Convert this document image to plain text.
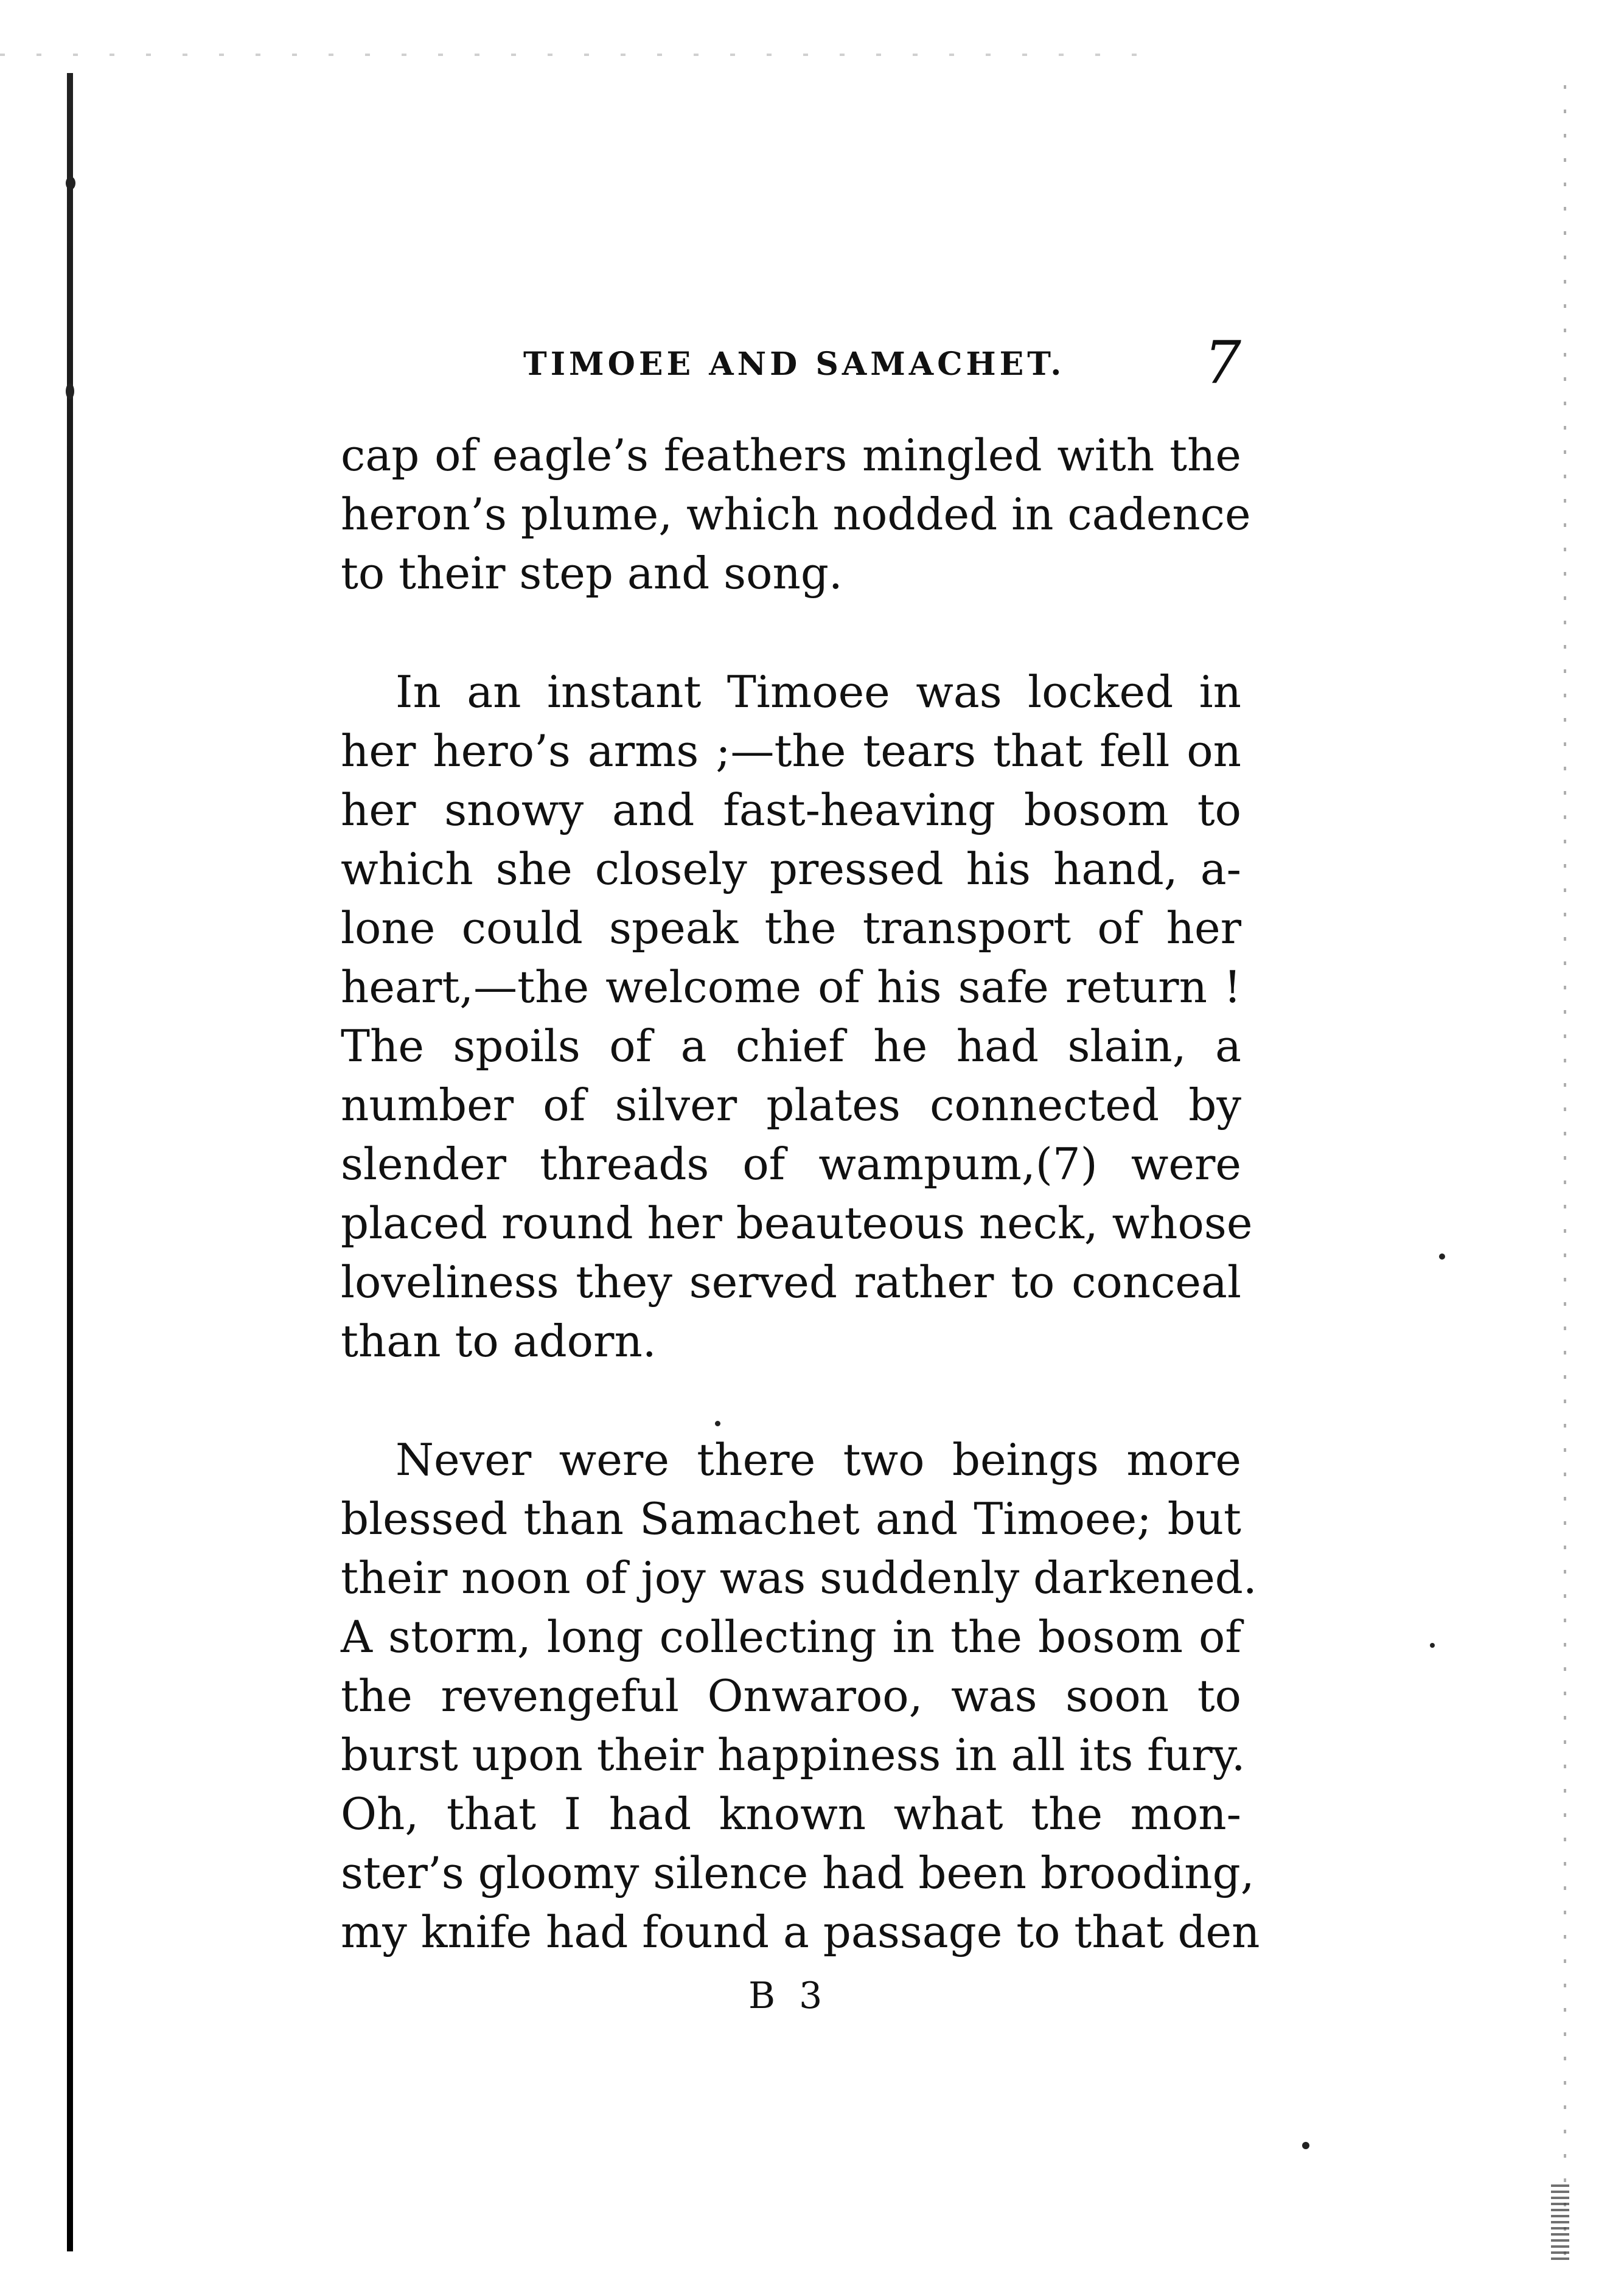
TIMOEE AND SAMACHET. 7
cap of eagle’s feathers mingled with the
heron’s plume, which nodded in cadence
to their step and song.
In an instant Timoee was locked in
her hero’s arms ;—the tears that fell on
her snowy and fast-heaving bosom to
which she closely pressed his hand, a-
lone could speak the transport of her
heart,—the welcome of his safe return !
The spoils of a chief he had slain, a
number of silver plates connected by
slender threads of wampum,(7) were
placed round her beauteous neck, whose
loveliness they served rather to conceal
than to adorn.
Never were there two beings more
blessed than Samachet and Timoee; but
their noon of joy was suddenly darkened.
A storm, long collecting in the bosom of
the revengeful Onwaroo, was soon to
burst upon their happiness in all its fury.
Oh, that I had known what the mon-
ster’s gloomy silence had been brooding,
my knife had found a passage to that den
B 3
